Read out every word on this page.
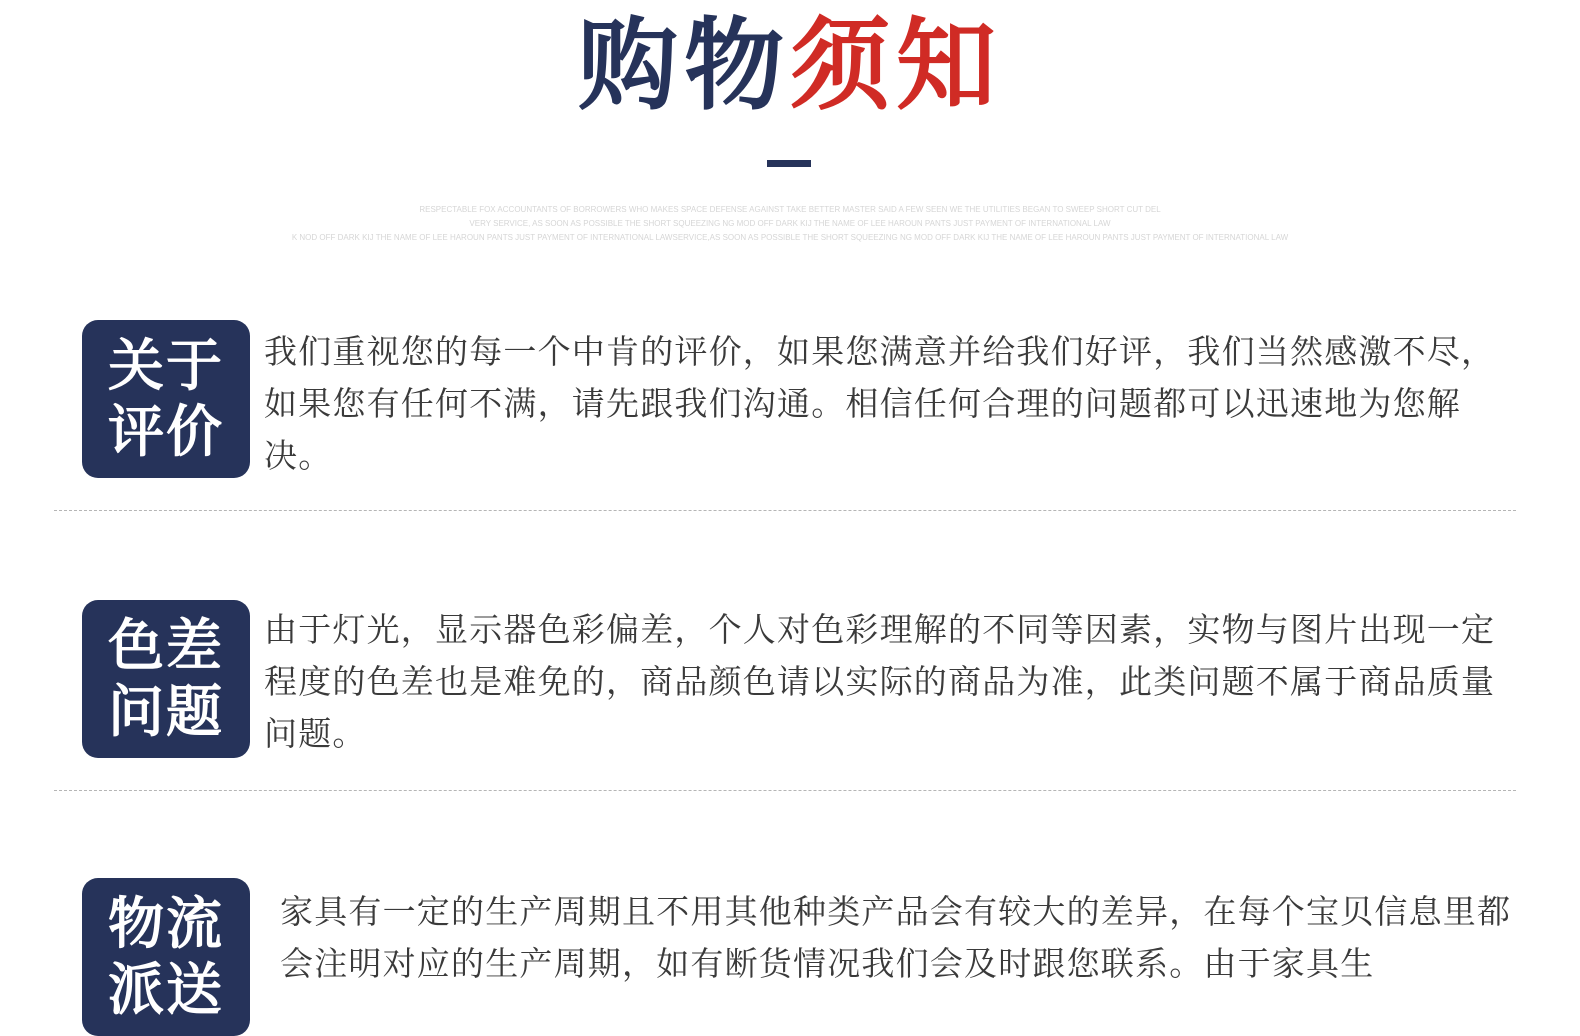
购物须知
RESPECTABLE FOX ACCOUNTANTS OF BORROWERS WHO MAKES SPACE DEFENSE AGAINST TAKE BETTER MASTER SAID A FEW SEEN WE THE UTILITIES BEGAN TO SWEEP SHORT CUT DEL
VERY SERVICE, AS SOON AS POSSIBLE THE SHORT SQUEEZING NG MOD OFF DARK KIJ THE NAME OF LEE HAROUN PANTS JUST PAYMENT OF INTERNATIONAL LAW
K NOD OFF DARK KIJ THE NAME OF LEE HAROUN PANTS JUST PAYMENT OF INTERNATIONAL LAWSERVICE,AS SOON AS POSSIBLE THE SHORT SQUEEZING NG MOD OFF DARK KIJ THE NAME OF LEE HAROUN PANTS JUST PAYMENT OF INTERNATIONAL LAW
关于
评价
我们重视您的每一个中肯的评价，如果您满意并给我们好评，我们当然感激不尽，如果您有任何不满，请先跟我们沟通。相信任何合理的问题都可以迅速地为您解决。
色差
问题
由于灯光，显示器色彩偏差，个人对色彩理解的不同等因素，实物与图片出现一定程度的色差也是难免的，商品颜色请以实际的商品为准，此类问题不属于商品质量问题。
物流
派送
家具有一定的生产周期且不用其他种类产品会有较大的差异，在每个宝贝信息里都会注明对应的生产周期，如有断货情况我们会及时跟您联系。由于家具生
